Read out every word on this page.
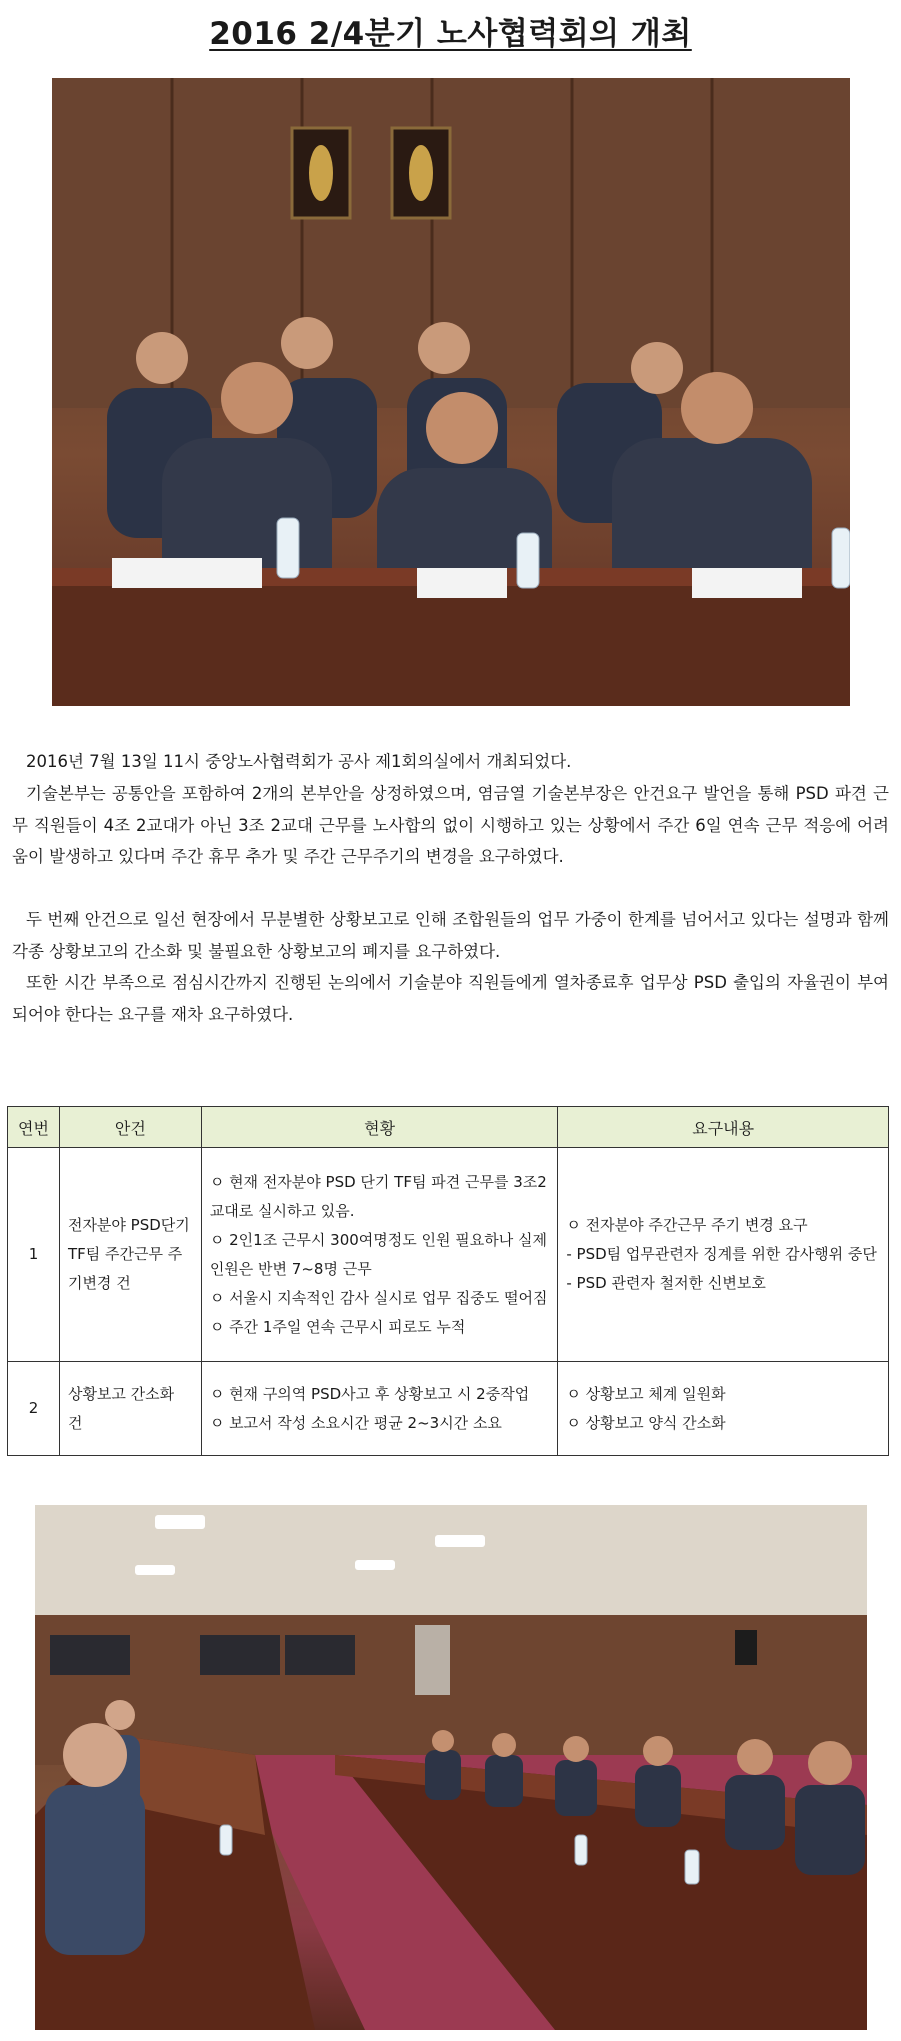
2016 2/4분기 노사협력회의 개최
2016년 7월 13일 11시 중앙노사협력회가 공사 제1회의실에서 개최되었다.
기술본부는 공통안을 포함하여 2개의 본부안을 상정하였으며, 염금열 기술본부장은 안건요구 발언을 통해 PSD 파견 근무 직원들이 4조 2교대가 아닌 3조 2교대 근무를 노사합의 없이 시행하고 있는 상황에서 주간 6일 연속 근무 적응에 어려움이 발생하고 있다며 주간 휴무 추가 및 주간 근무주기의 변경을 요구하였다.
두 번째 안건으로 일선 현장에서 무분별한 상황보고로 인해 조합원들의 업무 가중이 한계를 넘어서고 있다는 설명과 함께 각종 상황보고의 간소화 및 불필요한 상황보고의 폐지를 요구하였다.
또한 시간 부족으로 점심시간까지 진행된 논의에서 기술분야 직원들에게 열차종료후 업무상 PSD 출입의 자율권이 부여되어야 한다는 요구를 재차 요구하였다.
연번	안건	현황	요구내용
1	전자분야 PSD단기 TF팀 주간근무 주기변경 건	ㅇ 현재 전자분야 PSD 단기 TF팀 파견 근무를 3조2교대로 실시하고 있음.
ㅇ 2인1조 근무시 300여명정도 인원 필요하나 실제 인원은 반변 7~8명 근무
ㅇ 서울시 지속적인 감사 실시로 업무 집중도 떨어짐
ㅇ 주간 1주일 연속 근무시 피로도 누적	ㅇ 전자분야 주간근무 주기 변경 요구
- PSD팀 업무관련자 징계를 위한 감사행위 중단
- PSD 관련자 철저한 신변보호

2	상황보고 간소화 건	ㅇ 현재 구의역 PSD사고 후 상황보고 시 2중작업
ㅇ 보고서 작성 소요시간 평균 2~3시간 소요	ㅇ 상황보고 체계 일원화
ㅇ 상황보고 양식 간소화
